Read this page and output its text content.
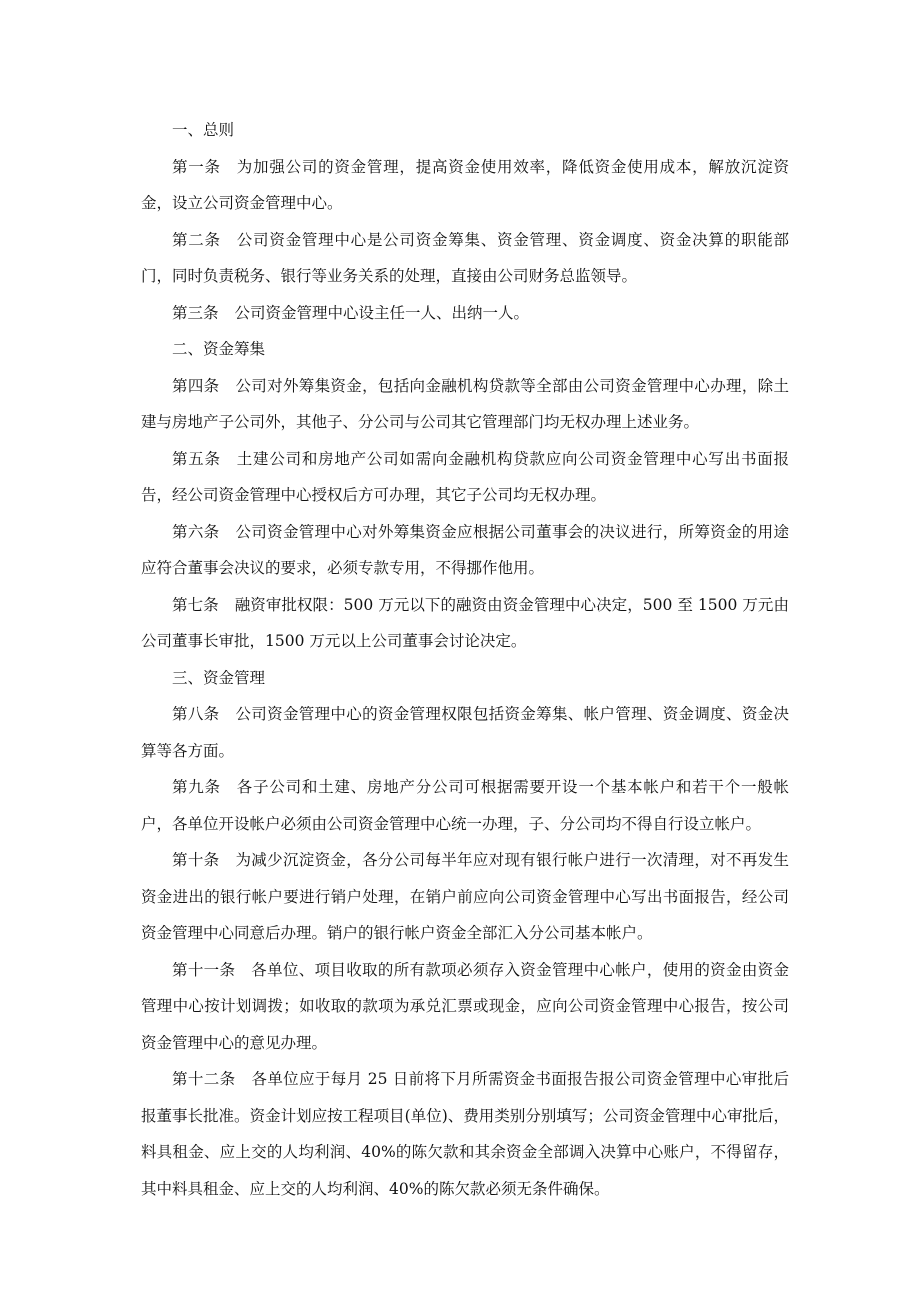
一、总则

第一条 为加强公司的资金管理，提高资金使用效率，降低资金使用成本，解放沉淀资金，设立公司资金管理中心。

第二条 公司资金管理中心是公司资金筹集、资金管理、资金调度、资金决算的职能部门，同时负责税务、银行等业务关系的处理，直接由公司财务总监领导。

第三条 公司资金管理中心设主任一人、出纳一人。

二、资金筹集

第四条 公司对外筹集资金，包括向金融机构贷款等全部由公司资金管理中心办理，除土建与房地产子公司外，其他子、分公司与公司其它管理部门均无权办理上述业务。

第五条 土建公司和房地产公司如需向金融机构贷款应向公司资金管理中心写出书面报告，经公司资金管理中心授权后方可办理，其它子公司均无权办理。

第六条 公司资金管理中心对外筹集资金应根据公司董事会的决议进行，所筹资金的用途应符合董事会决议的要求，必须专款专用，不得挪作他用。

第七条 融资审批权限：500 万元以下的融资由资金管理中心决定，500 至 1500 万元由公司董事长审批，1500 万元以上公司董事会讨论决定。

三、资金管理

第八条 公司资金管理中心的资金管理权限包括资金筹集、帐户管理、资金调度、资金决算等各方面。

第九条 各子公司和土建、房地产分公司可根据需要开设一个基本帐户和若干个一般帐户，各单位开设帐户必须由公司资金管理中心统一办理，子、分公司均不得自行设立帐户。

第十条 为减少沉淀资金，各分公司每半年应对现有银行帐户进行一次清理，对不再发生资金进出的银行帐户要进行销户处理，在销户前应向公司资金管理中心写出书面报告，经公司资金管理中心同意后办理。销户的银行帐户资金全部汇入分公司基本帐户。

第十一条 各单位、项目收取的所有款项必须存入资金管理中心帐户，使用的资金由资金管理中心按计划调拨；如收取的款项为承兑汇票或现金，应向公司资金管理中心报告，按公司资金管理中心的意见办理。

第十二条 各单位应于每月 25 日前将下月所需资金书面报告报公司资金管理中心审批后报董事长批准。资金计划应按工程项目(单位)、费用类别分别填写；公司资金管理中心审批后，料具租金、应上交的人均利润、40%的陈欠款和其余资金全部调入决算中心账户，不得留存，其中料具租金、应上交的人均利润、40%的陈欠款必须无条件确保。
